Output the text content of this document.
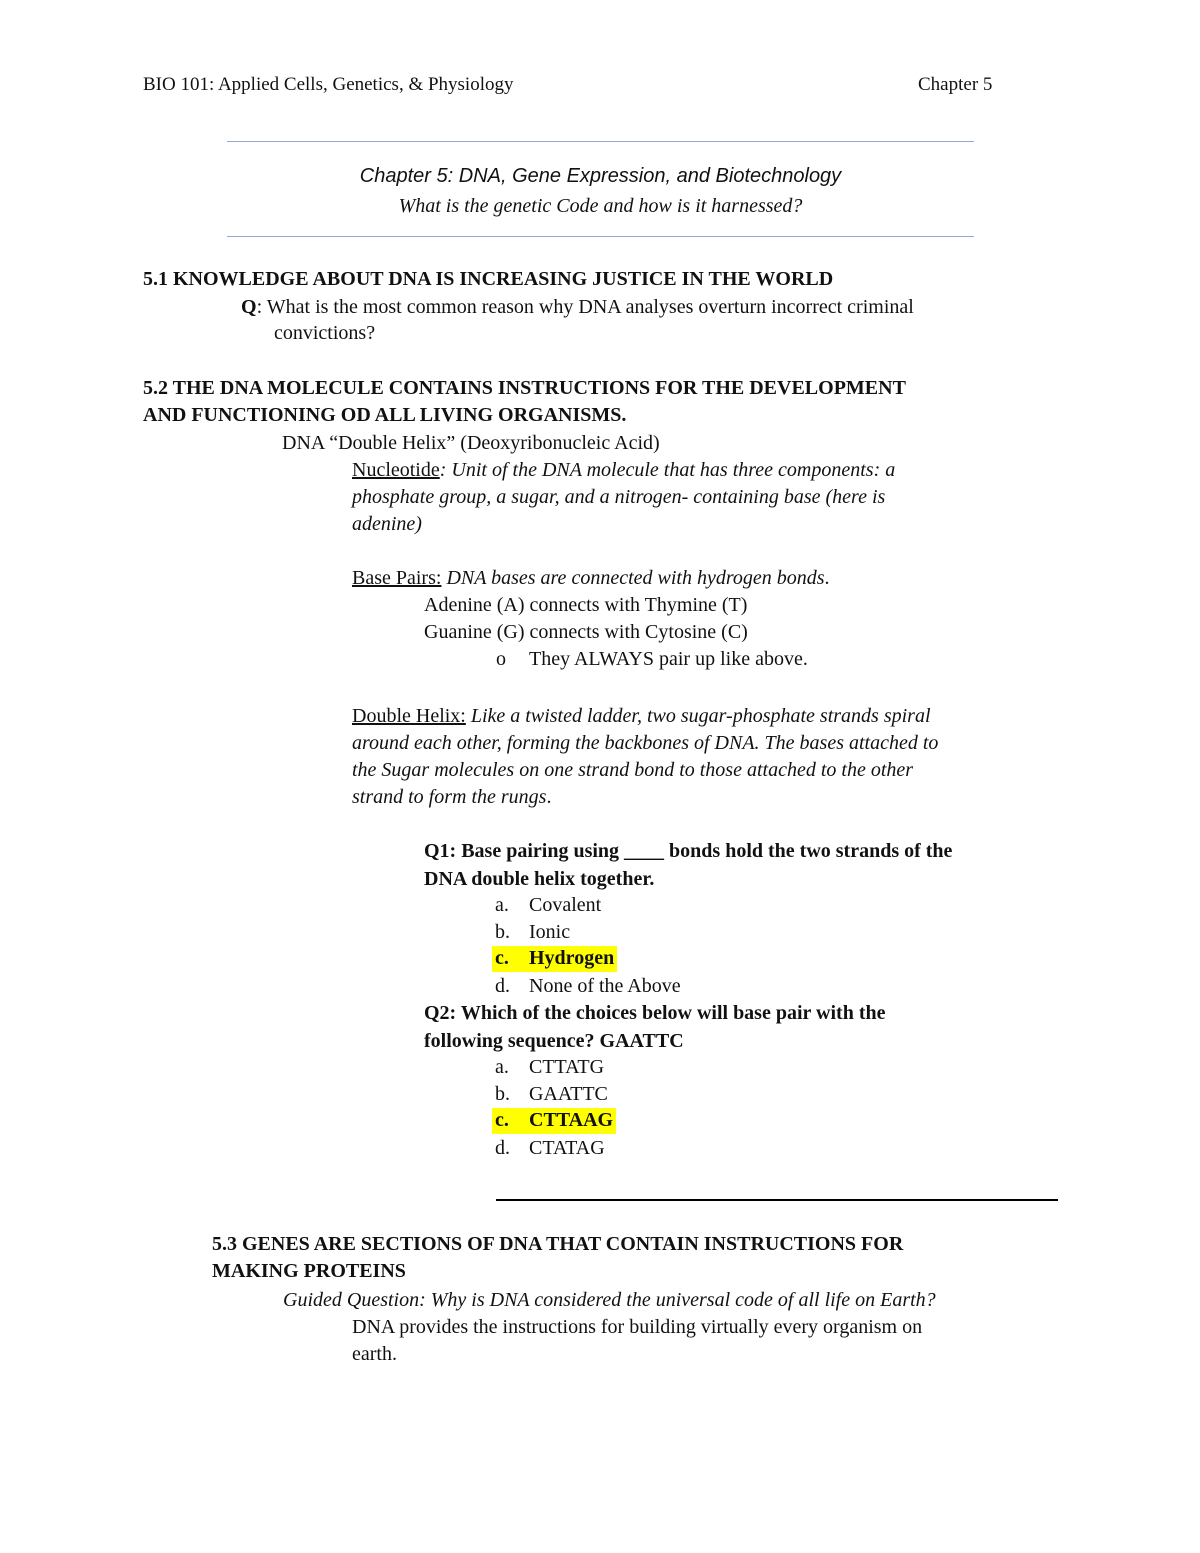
BIO 101: Applied Cells, Genetics, & Physiology	Chapter 5
Chapter 5: DNA, Gene Expression, and Biotechnology
What is the genetic Code and how is it harnessed?
5.1 KNOWLEDGE ABOUT DNA IS INCREASING JUSTICE IN THE WORLD
Q: What is the most common reason why DNA analyses overturn incorrect criminal
convictions?
5.2 THE DNA MOLECULE CONTAINS INSTRUCTIONS FOR THE DEVELOPMENT
AND FUNCTIONING OD ALL LIVING ORGANISMS.
DNA “Double Helix” (Deoxyribonucleic Acid)
Nucleotide: Unit of the DNA molecule that has three components: a
phosphate group, a sugar, and a nitrogen- containing base (here is
adenine)
Base Pairs: DNA bases are connected with hydrogen bonds.
Adenine (A) connects with Thymine (T)
Guanine (G) connects with Cytosine (C)
o They ALWAYS pair up like above.
Double Helix: Like a twisted ladder, two sugar-phosphate strands spiral
around each other, forming the backbones of DNA. The bases attached to
the Sugar molecules on one strand bond to those attached to the other
strand to form the rungs.
Q1: Base pairing using ____ bonds hold the two strands of the
DNA double helix together.
a. Covalent
b. Ionic
c. Hydrogen
d. None of the Above
Q2: Which of the choices below will base pair with the
following sequence? GAATTC
a. CTTATG
b. GAATTC
c. CTTAAG
d. CTATAG
5.3 GENES ARE SECTIONS OF DNA THAT CONTAIN INSTRUCTIONS FOR
MAKING PROTEINS
Guided Question: Why is DNA considered the universal code of all life on Earth?
DNA provides the instructions for building virtually every organism on
earth.
